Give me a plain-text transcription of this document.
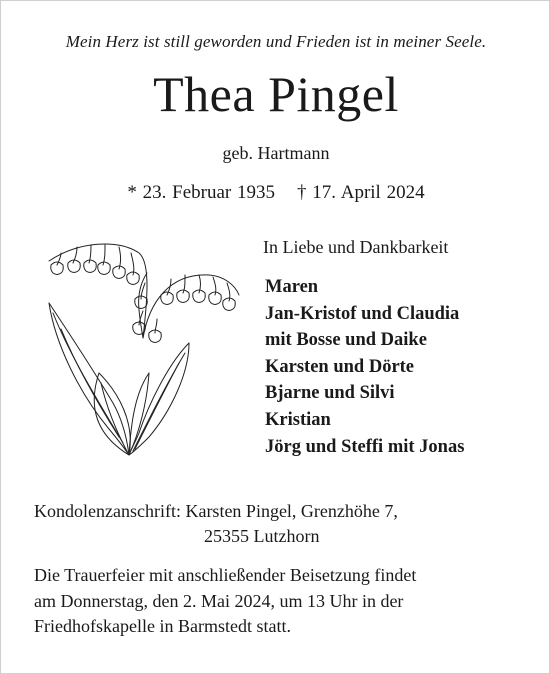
Mein Herz ist still geworden und Frieden ist in meiner Seele.
Thea Pingel
geb. Hartmann
* 23. Februar 1935 † 17. April 2024
In Liebe und Dankbarkeit
Maren
Jan-Kristof und Claudia
mit Bosse und Daike
Karsten und Dörte
Bjarne und Silvi
Kristian
Jörg und Steffi mit Jonas
Kondolenzanschrift: Karsten Pingel, Grenzhöhe 7,
25355 Lutzhorn
Die Trauerfeier mit anschließender Beisetzung findet
am Donnerstag, den 2. Mai 2024, um 13 Uhr in der
Friedhofskapelle in Barmstedt statt.
